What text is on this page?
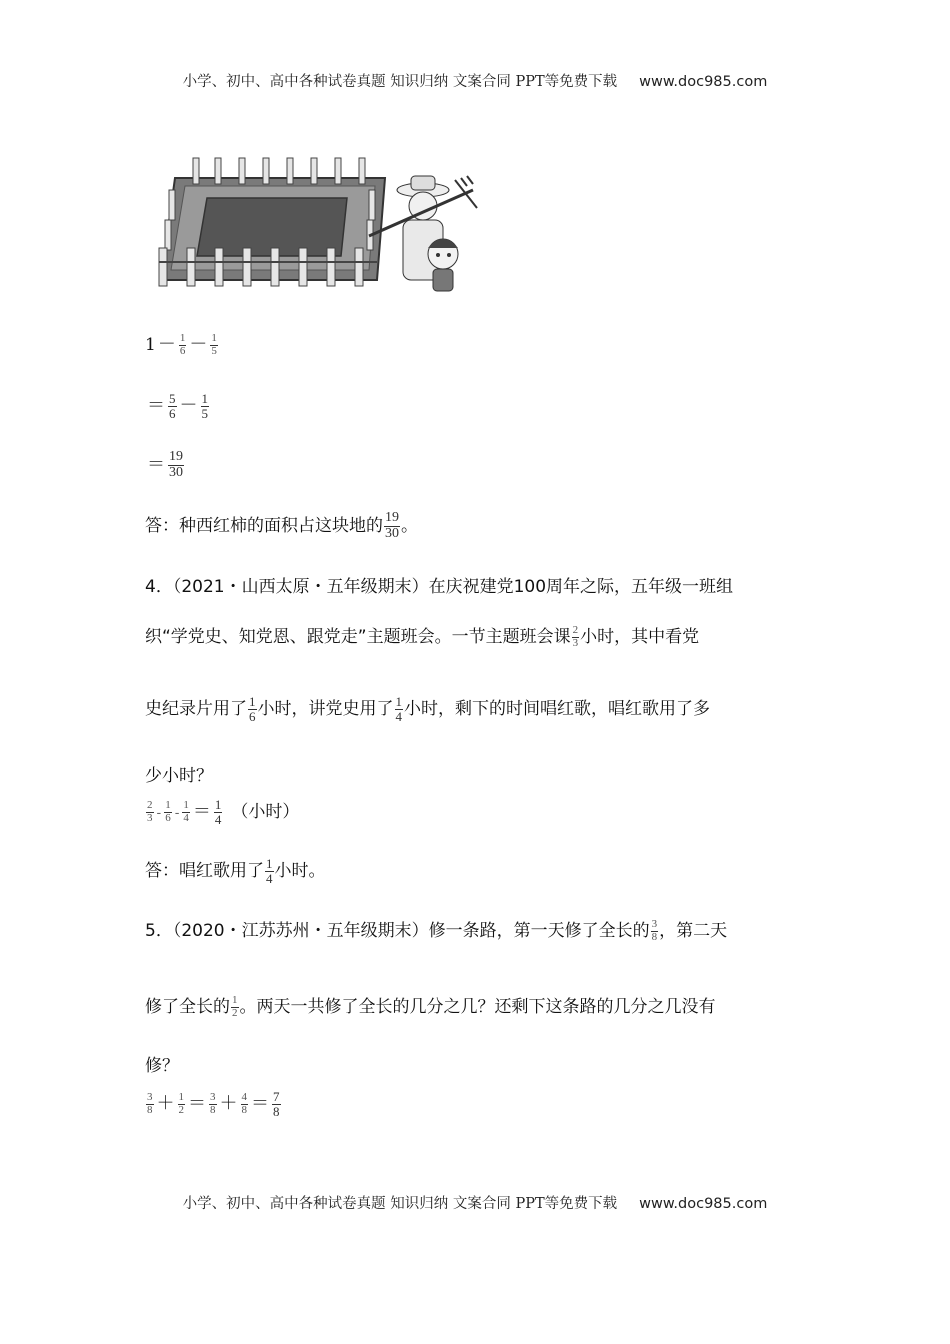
小学、初中、高中各种试卷真题 知识归纳 文案合同 PPT等免费下载 www.doc985.com
$1 - \frac{1}{6} - \frac{1}{5}$
＝ $\frac{5}{6} - \frac{1}{5}$
＝ $\frac{19}{30}$
答：种西红柿的面积占这块地的 $\frac{19}{30}$ 。
4．（2021・山西太原・五年级期末）在庆祝建党100周年之际，五年级一班组
织“学党史、知党恩、跟党走”主题班会。一节主题班会课 $\frac{2}{3}$ 小时，其中看党
史纪录片用了 $\frac{1}{6}$ 小时，讲党史用了 $\frac{1}{4}$ 小时，剩下的时间唱红歌，唱红歌用了多
少小时？
$\frac{2}{3} - \frac{1}{6} - \frac{1}{4} = \frac{1}{4}$ （小时）
答：唱红歌用了 $\frac{1}{4}$ 小时。
5．（2020・江苏苏州・五年级期末）修一条路，第一天修了全长的 $\frac{3}{8}$ ，第二天
修了全长的 $\frac{1}{2}$ 。两天一共修了全长的几分之几？还剩下这条路的几分之几没有
修？
$\frac{3}{8} + \frac{1}{2} = \frac{3}{8} + \frac{4}{8} = \frac{7}{8}$
小学、初中、高中各种试卷真题 知识归纳 文案合同 PPT等免费下载 www.doc985.com
